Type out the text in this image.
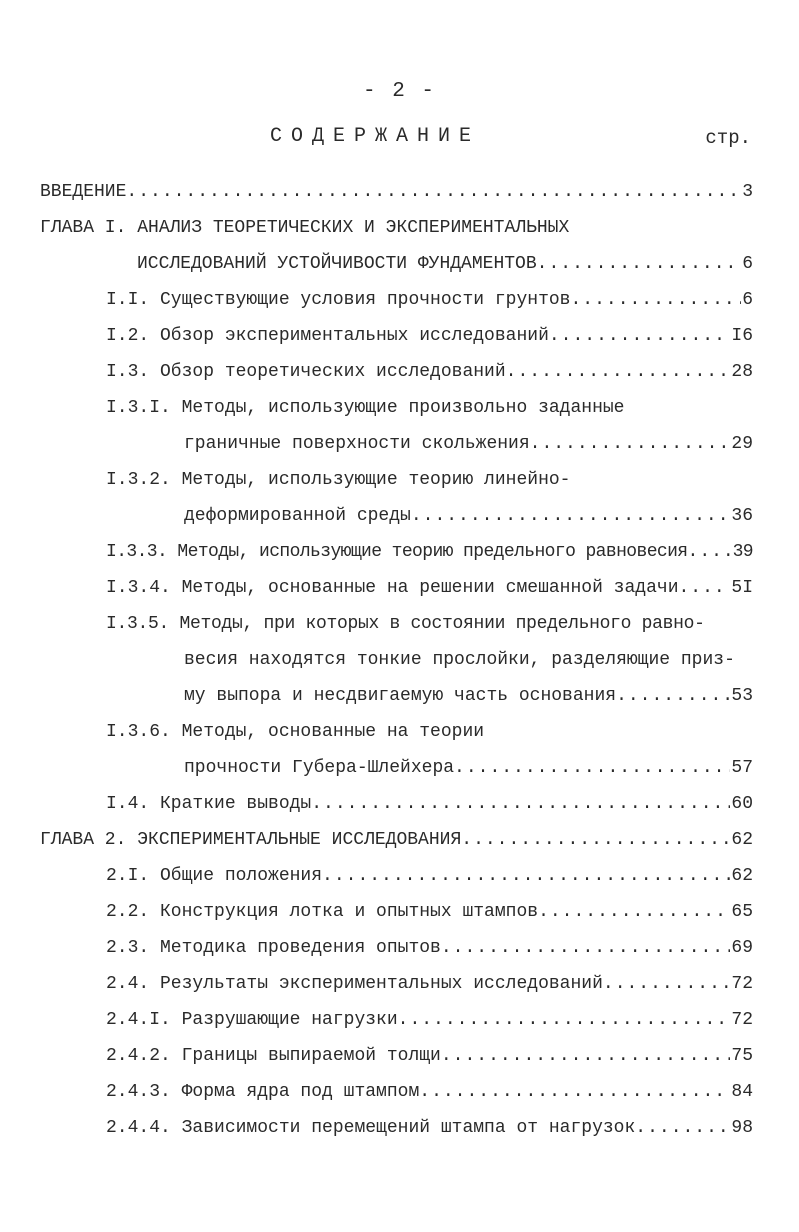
- 2 -
СОДЕРЖАНИЕ	стр.
ВВЕДЕНИЕ .....	3
ГЛАВА I. АНАЛИЗ ТЕОРЕТИЧЕСКИХ И ЭКСПЕРИМЕНТАЛЬНЫХ
ИССЛЕДОВАНИЙ УСТОЙЧИВОСТИ ФУНДАМЕНТОВ .....	6
I.I. Существующие условия прочности грунтов .....	6
I.2. Обзор экспериментальных исследований .....	I6
I.3. Обзор теоретических исследований .....	28
I.3.I. Методы, использующие произвольно заданные
граничные поверхности скольжения .....	29
I.3.2. Методы, использующие теорию линейно-
деформированной среды .....	36
I.3.3. Методы, использующие теорию предельного равновесия .....	39
I.3.4. Методы, основанные на решении смешанной задачи .....	5I
I.3.5. Методы, при которых в состоянии предельного равно-
весия находятся тонкие прослойки, разделяющие приз-
му выпора и несдвигаемую часть основания .....	53
I.3.6. Методы, основанные на теории
прочности Губера-Шлейхера .....	57
I.4. Краткие выводы .....	60
ГЛАВА 2. ЭКСПЕРИМЕНТАЛЬНЫЕ ИССЛЕДОВАНИЯ .....	62
2.I. Общие положения .....	62
2.2. Конструкция лотка и опытных штампов .....	65
2.3. Методика проведения опытов .....	69
2.4. Результаты экспериментальных исследований .....	72
2.4.I. Разрушающие нагрузки .....	72
2.4.2. Границы выпираемой толщи .....	75
2.4.3. Форма ядра под штампом .....	84
2.4.4. Зависимости перемещений штампа от нагрузок .....	98
